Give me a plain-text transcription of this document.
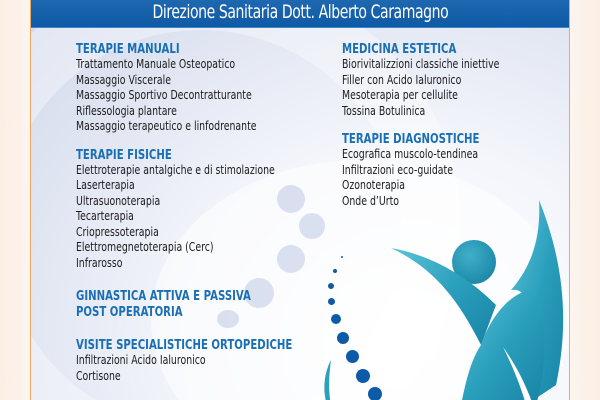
Direzione Sanitaria Dott. Alberto Caramagno
TERAPIE MANUALI
Trattamento Manuale Osteopatico
Massaggio Viscerale
Massaggio Sportivo Decontratturante
Riflessologia plantare
Massaggio terapeutico e linfodrenante
TERAPIE FISICHE
Elettroterapie antalgiche e di stimolazione
Laserterapia
Ultrasuonoterapia
Tecarterapia
Criopressoterapia
Elettromegnetoterapia (Cerc)
Infrarosso
GINNASTICA ATTIVA E PASSIVA
POST OPERATORIA
VISITE SPECIALISTICHE ORTOPEDICHE
Infiltrazioni Acido Ialuronico
Cortisone
MEDICINA ESTETICA
Biorivitalizzioni classiche iniettive
Filler con Acido Ialuronico
Mesoterapia per cellulite
Tossina Botulinica
TERAPIE DIAGNOSTICHE
Ecografica muscolo-tendinea
Infiltrazioni eco-guidate
Ozonoterapia
Onde d’Urto
